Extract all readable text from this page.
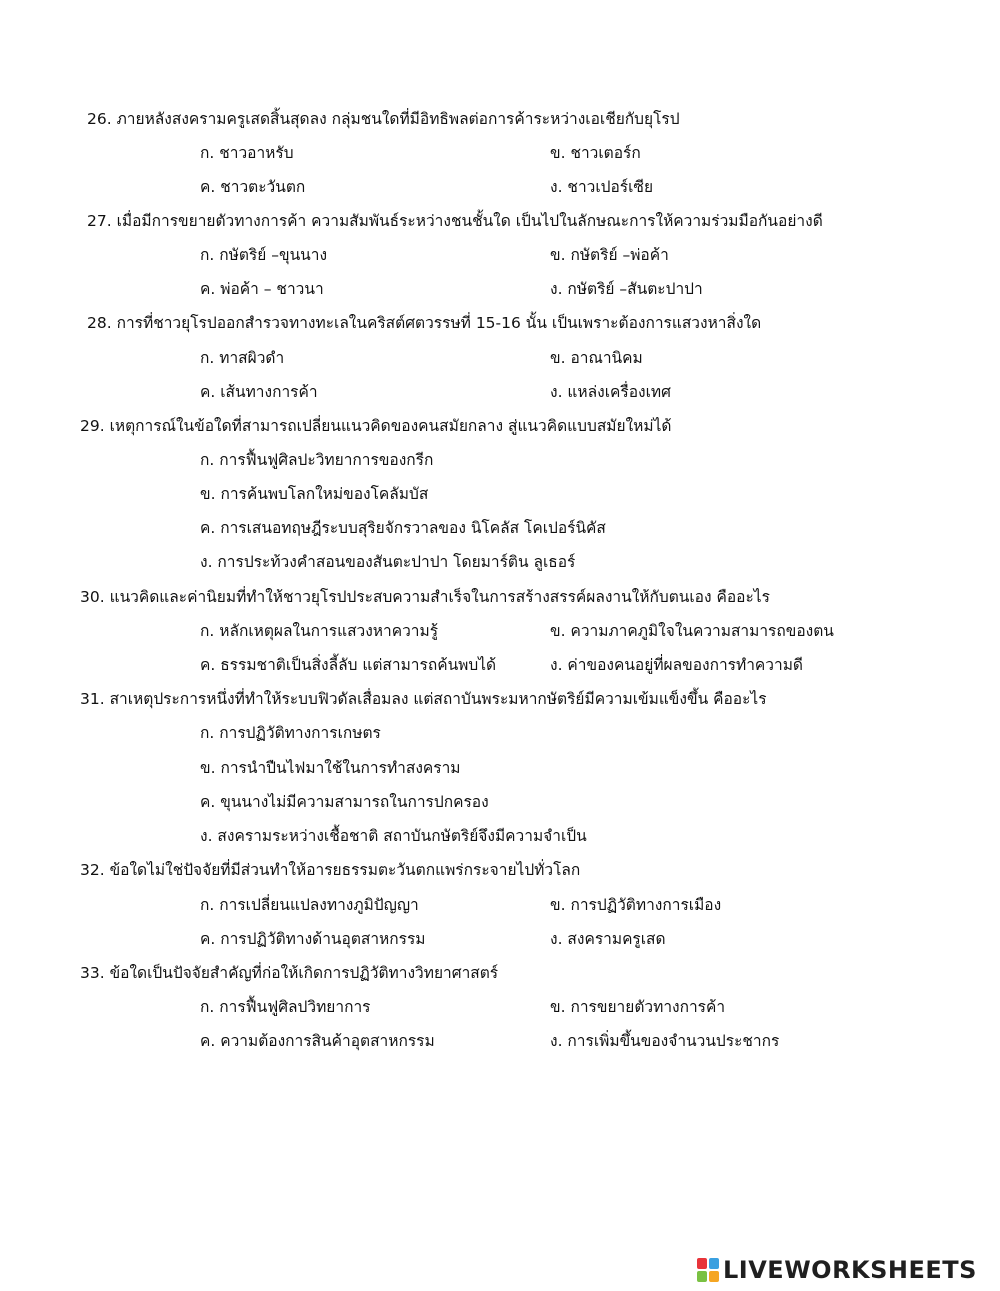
26. ภายหลังสงครามครูเสดสิ้นสุดลง กลุ่มชนใดที่มีอิทธิพลต่อการค้าระหว่างเอเชียกับยุโรป
ก. ชาวอาหรับ	ข. ชาวเตอร์ก
ค. ชาวตะวันตก	ง. ชาวเปอร์เซีย
27. เมื่อมีการขยายตัวทางการค้า ความสัมพันธ์ระหว่างชนชั้นใด เป็นไปในลักษณะการให้ความร่วมมือกันอย่างดี
ก. กษัตริย์ –ขุนนาง	ข. กษัตริย์ –พ่อค้า
ค. พ่อค้า – ชาวนา	ง. กษัตริย์ –สันตะปาปา
28. การที่ชาวยุโรปออกสำรวจทางทะเลในคริสต์ศตวรรษที่ 15-16 นั้น เป็นเพราะต้องการแสวงหาสิ่งใด
ก. ทาสผิวดำ	ข. อาณานิคม
ค. เส้นทางการค้า	ง. แหล่งเครื่องเทศ
29. เหตุการณ์ในข้อใดที่สามารถเปลี่ยนแนวคิดของคนสมัยกลาง สู่แนวคิดแบบสมัยใหม่ได้
ก. การฟื้นฟูศิลปะวิทยาการของกรีก
ข. การค้นพบโลกใหม่ของโคลัมบัส
ค. การเสนอทฤษฎีระบบสุริยจักรวาลของ นิโคลัส โคเปอร์นิคัส
ง. การประท้วงคำสอนของสันตะปาปา โดยมาร์ติน ลูเธอร์
30. แนวคิดและค่านิยมที่ทำให้ชาวยุโรปประสบความสำเร็จในการสร้างสรรค์ผลงานให้กับตนเอง คืออะไร
ก. หลักเหตุผลในการแสวงหาความรู้	ข. ความภาคภูมิใจในความสามารถของตน
ค. ธรรมชาติเป็นสิ่งลี้ลับ แต่สามารถค้นพบได้	ง. ค่าของคนอยู่ที่ผลของการทำความดี
31. สาเหตุประการหนึ่งที่ทำให้ระบบฟิวดัลเสื่อมลง แต่สถาบันพระมหากษัตริย์มีความเข้มแข็งขึ้น คืออะไร
ก. การปฏิวัติทางการเกษตร
ข. การนำปืนไฟมาใช้ในการทำสงคราม
ค. ขุนนางไม่มีความสามารถในการปกครอง
ง. สงครามระหว่างเชื้อชาติ สถาบันกษัตริย์จึงมีความจำเป็น
32. ข้อใดไม่ใช่ปัจจัยที่มีส่วนทำให้อารยธรรมตะวันตกแพร่กระจายไปทั่วโลก
ก. การเปลี่ยนแปลงทางภูมิปัญญา	ข. การปฏิวัติทางการเมือง
ค. การปฏิวัติทางด้านอุตสาหกรรม	ง. สงครามครูเสด
33. ข้อใดเป็นปัจจัยสำคัญที่ก่อให้เกิดการปฏิวัติทางวิทยาศาสตร์
ก. การฟื้นฟูศิลปวิทยาการ	ข. การขยายตัวทางการค้า
ค. ความต้องการสินค้าอุตสาหกรรม	ง. การเพิ่มขึ้นของจำนวนประชากร
LIVEWORKSHEETS
